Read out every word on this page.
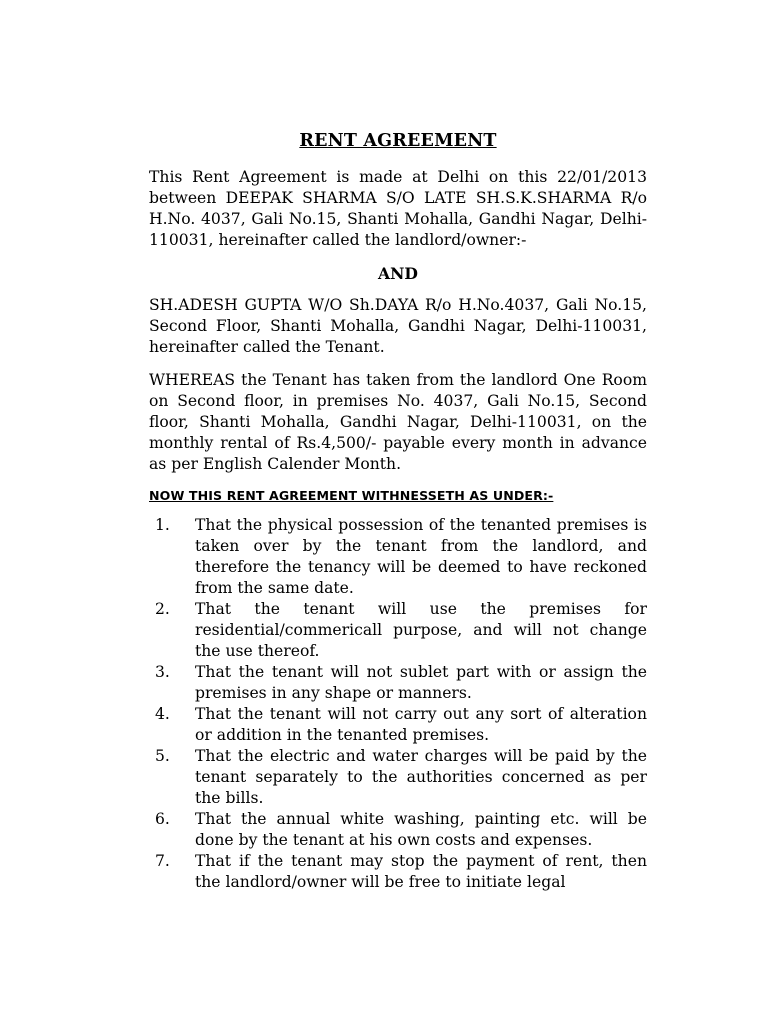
RENT AGREEMENT

This Rent Agreement is made at Delhi on this 22/01/2013 between DEEPAK SHARMA S/O LATE SH.S.K.SHARMA R/o H.No. 4037, Gali No.15, Shanti Mohalla, Gandhi Nagar, Delhi-110031, hereinafter called the landlord/owner:-

AND

SH.ADESH GUPTA W/O Sh.DAYA R/o H.No.4037, Gali No.15, Second Floor, Shanti Mohalla, Gandhi Nagar, Delhi-110031, hereinafter called the Tenant.

WHEREAS the Tenant has taken from the landlord One Room on Second floor, in premises No. 4037, Gali No.15, Second floor, Shanti Mohalla, Gandhi Nagar, Delhi-110031, on the monthly rental of Rs.4,500/- payable every month in advance as per English Calender Month.

NOW THIS RENT AGREEMENT WITHNESSETH AS UNDER:-
1.	That the physical possession of the tenanted premises is taken over by the tenant from the landlord, and therefore the tenancy will be deemed to have reckoned from the same date.
2.	That the tenant will use the premises for residential/commericall purpose, and will not change the use thereof.
3.	That the tenant will not sublet part with or assign the premises in any shape or manners.
4.	That the tenant will not carry out any sort of alteration or addition in the tenanted premises.
5.	That the electric and water charges will be paid by the tenant separately to the authorities concerned as per the bills.
6.	That the annual white washing, painting etc. will be done by the tenant at his own costs and expenses.
7.	That if the tenant may stop the payment of rent, then the landlord/owner will be free to initiate legal
